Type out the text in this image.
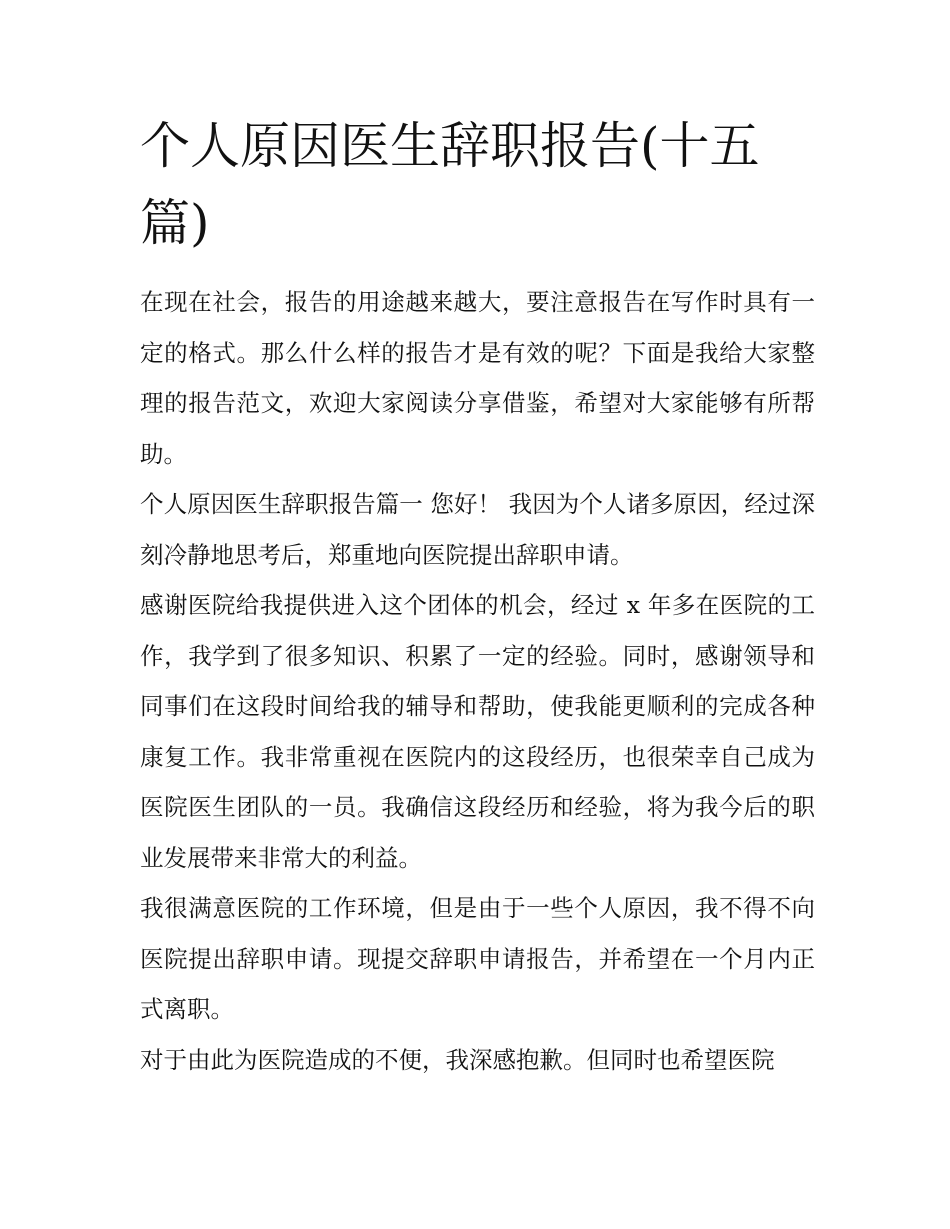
个人原因医生辞职报告(十五篇)

在现在社会，报告的用途越来越大，要注意报告在写作时具有一定的格式。那么什么样的报告才是有效的呢？下面是我给大家整理的报告范文，欢迎大家阅读分享借鉴，希望对大家能够有所帮助。

个人原因医生辞职报告篇一 您好！ 我因为个人诸多原因，经过深刻冷静地思考后，郑重地向医院提出辞职申请。

感谢医院给我提供进入这个团体的机会，经过 x 年多在医院的工作，我学到了很多知识、积累了一定的经验。同时，感谢领导和同事们在这段时间给我的辅导和帮助，使我能更顺利的完成各种康复工作。我非常重视在医院内的这段经历，也很荣幸自己成为医院医生团队的一员。我确信这段经历和经验，将为我今后的职业发展带来非常大的利益。

我很满意医院的工作环境，但是由于一些个人原因，我不得不向医院提出辞职申请。现提交辞职申请报告，并希望在一个月内正式离职。

对于由此为医院造成的不便，我深感抱歉。但同时也希望医院
